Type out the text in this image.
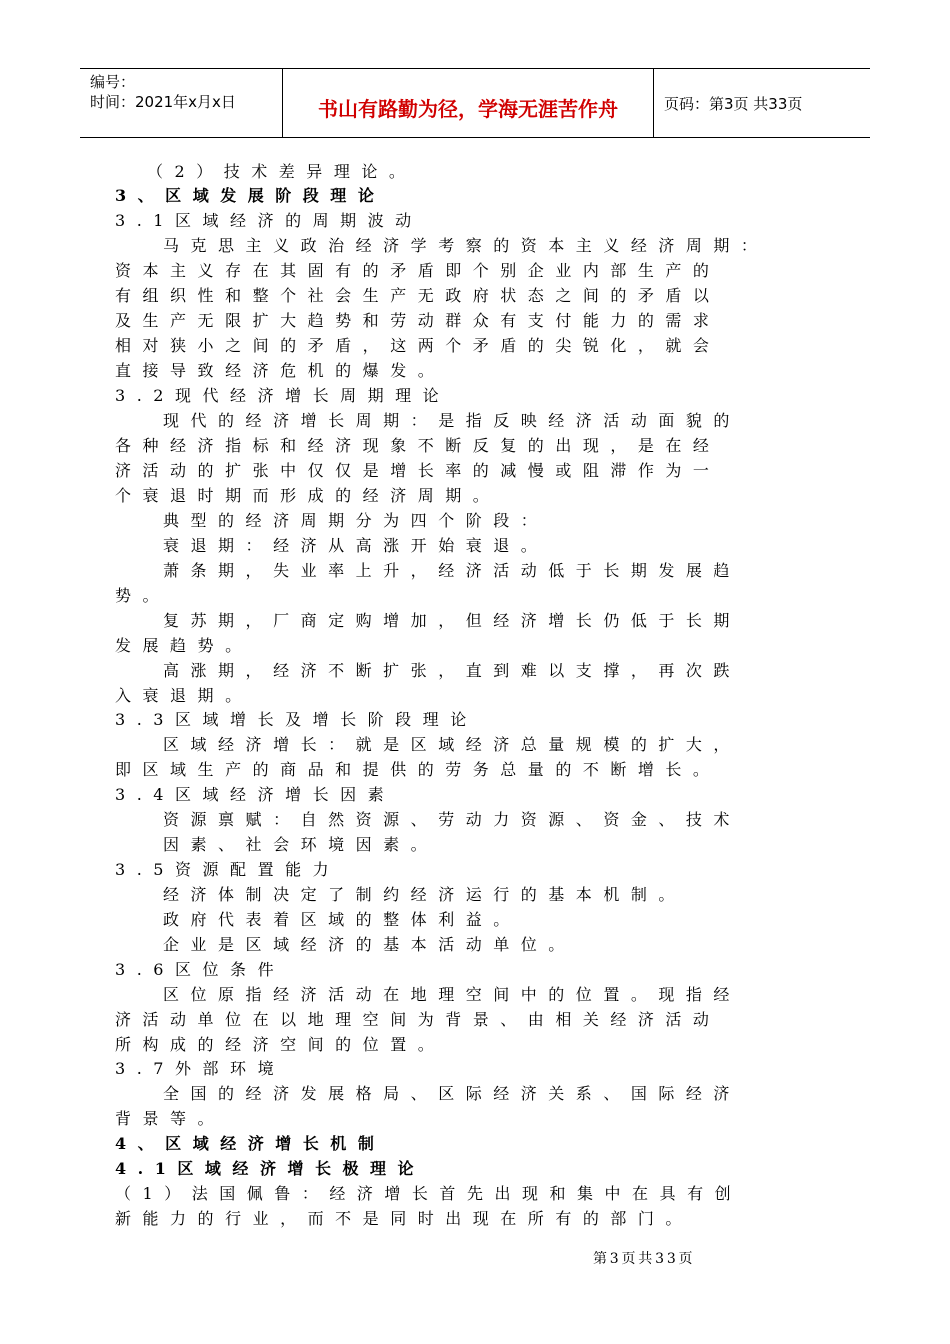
编号：
时间：2021年x月x日	书山有路勤为径，学海无涯苦作舟	页码：第3页 共33页
（2）技术差异理论。
3、区域发展阶段理论
3.1区域经济的周期波动
马克思主义政治经济学考察的资本主义经济周期：
资本主义存在其固有的矛盾即个别企业内部生产的
有组织性和整个社会生产无政府状态之间的矛盾以
及生产无限扩大趋势和劳动群众有支付能力的需求
相对狭小之间的矛盾，这两个矛盾的尖锐化，就会
直接导致经济危机的爆发。
3.2现代经济增长周期理论
现代的经济增长周期：是指反映经济活动面貌的
各种经济指标和经济现象不断反复的出现，是在经
济活动的扩张中仅仅是增长率的减慢或阻滞作为一
个衰退时期而形成的经济周期。
典型的经济周期分为四个阶段：
衰退期：经济从高涨开始衰退。
萧条期，失业率上升，经济活动低于长期发展趋
势。
复苏期，厂商定购增加，但经济增长仍低于长期
发展趋势。
高涨期，经济不断扩张，直到难以支撑，再次跌
入衰退期。
3.3区域增长及增长阶段理论
区域经济增长：就是区域经济总量规模的扩大，
即区域生产的商品和提供的劳务总量的不断增长。
3.4区域经济增长因素
资源禀赋：自然资源、劳动力资源、资金、技术
因素、社会环境因素。
3.5资源配置能力
经济体制决定了制约经济运行的基本机制。
政府代表着区域的整体利益。
企业是区域经济的基本活动单位。
3.6区位条件
区位原指经济活动在地理空间中的位置。现指经
济活动单位在以地理空间为背景、由相关经济活动
所构成的经济空间的位置。
3.7外部环境
全国的经济发展格局、区际经济关系、国际经济
背景等。
4、区域经济增长机制
4.1区域经济增长极理论
（1）法国佩鲁：经济增长首先出现和集中在具有创
新能力的行业，而不是同时出现在所有的部门。
第3页共33页
